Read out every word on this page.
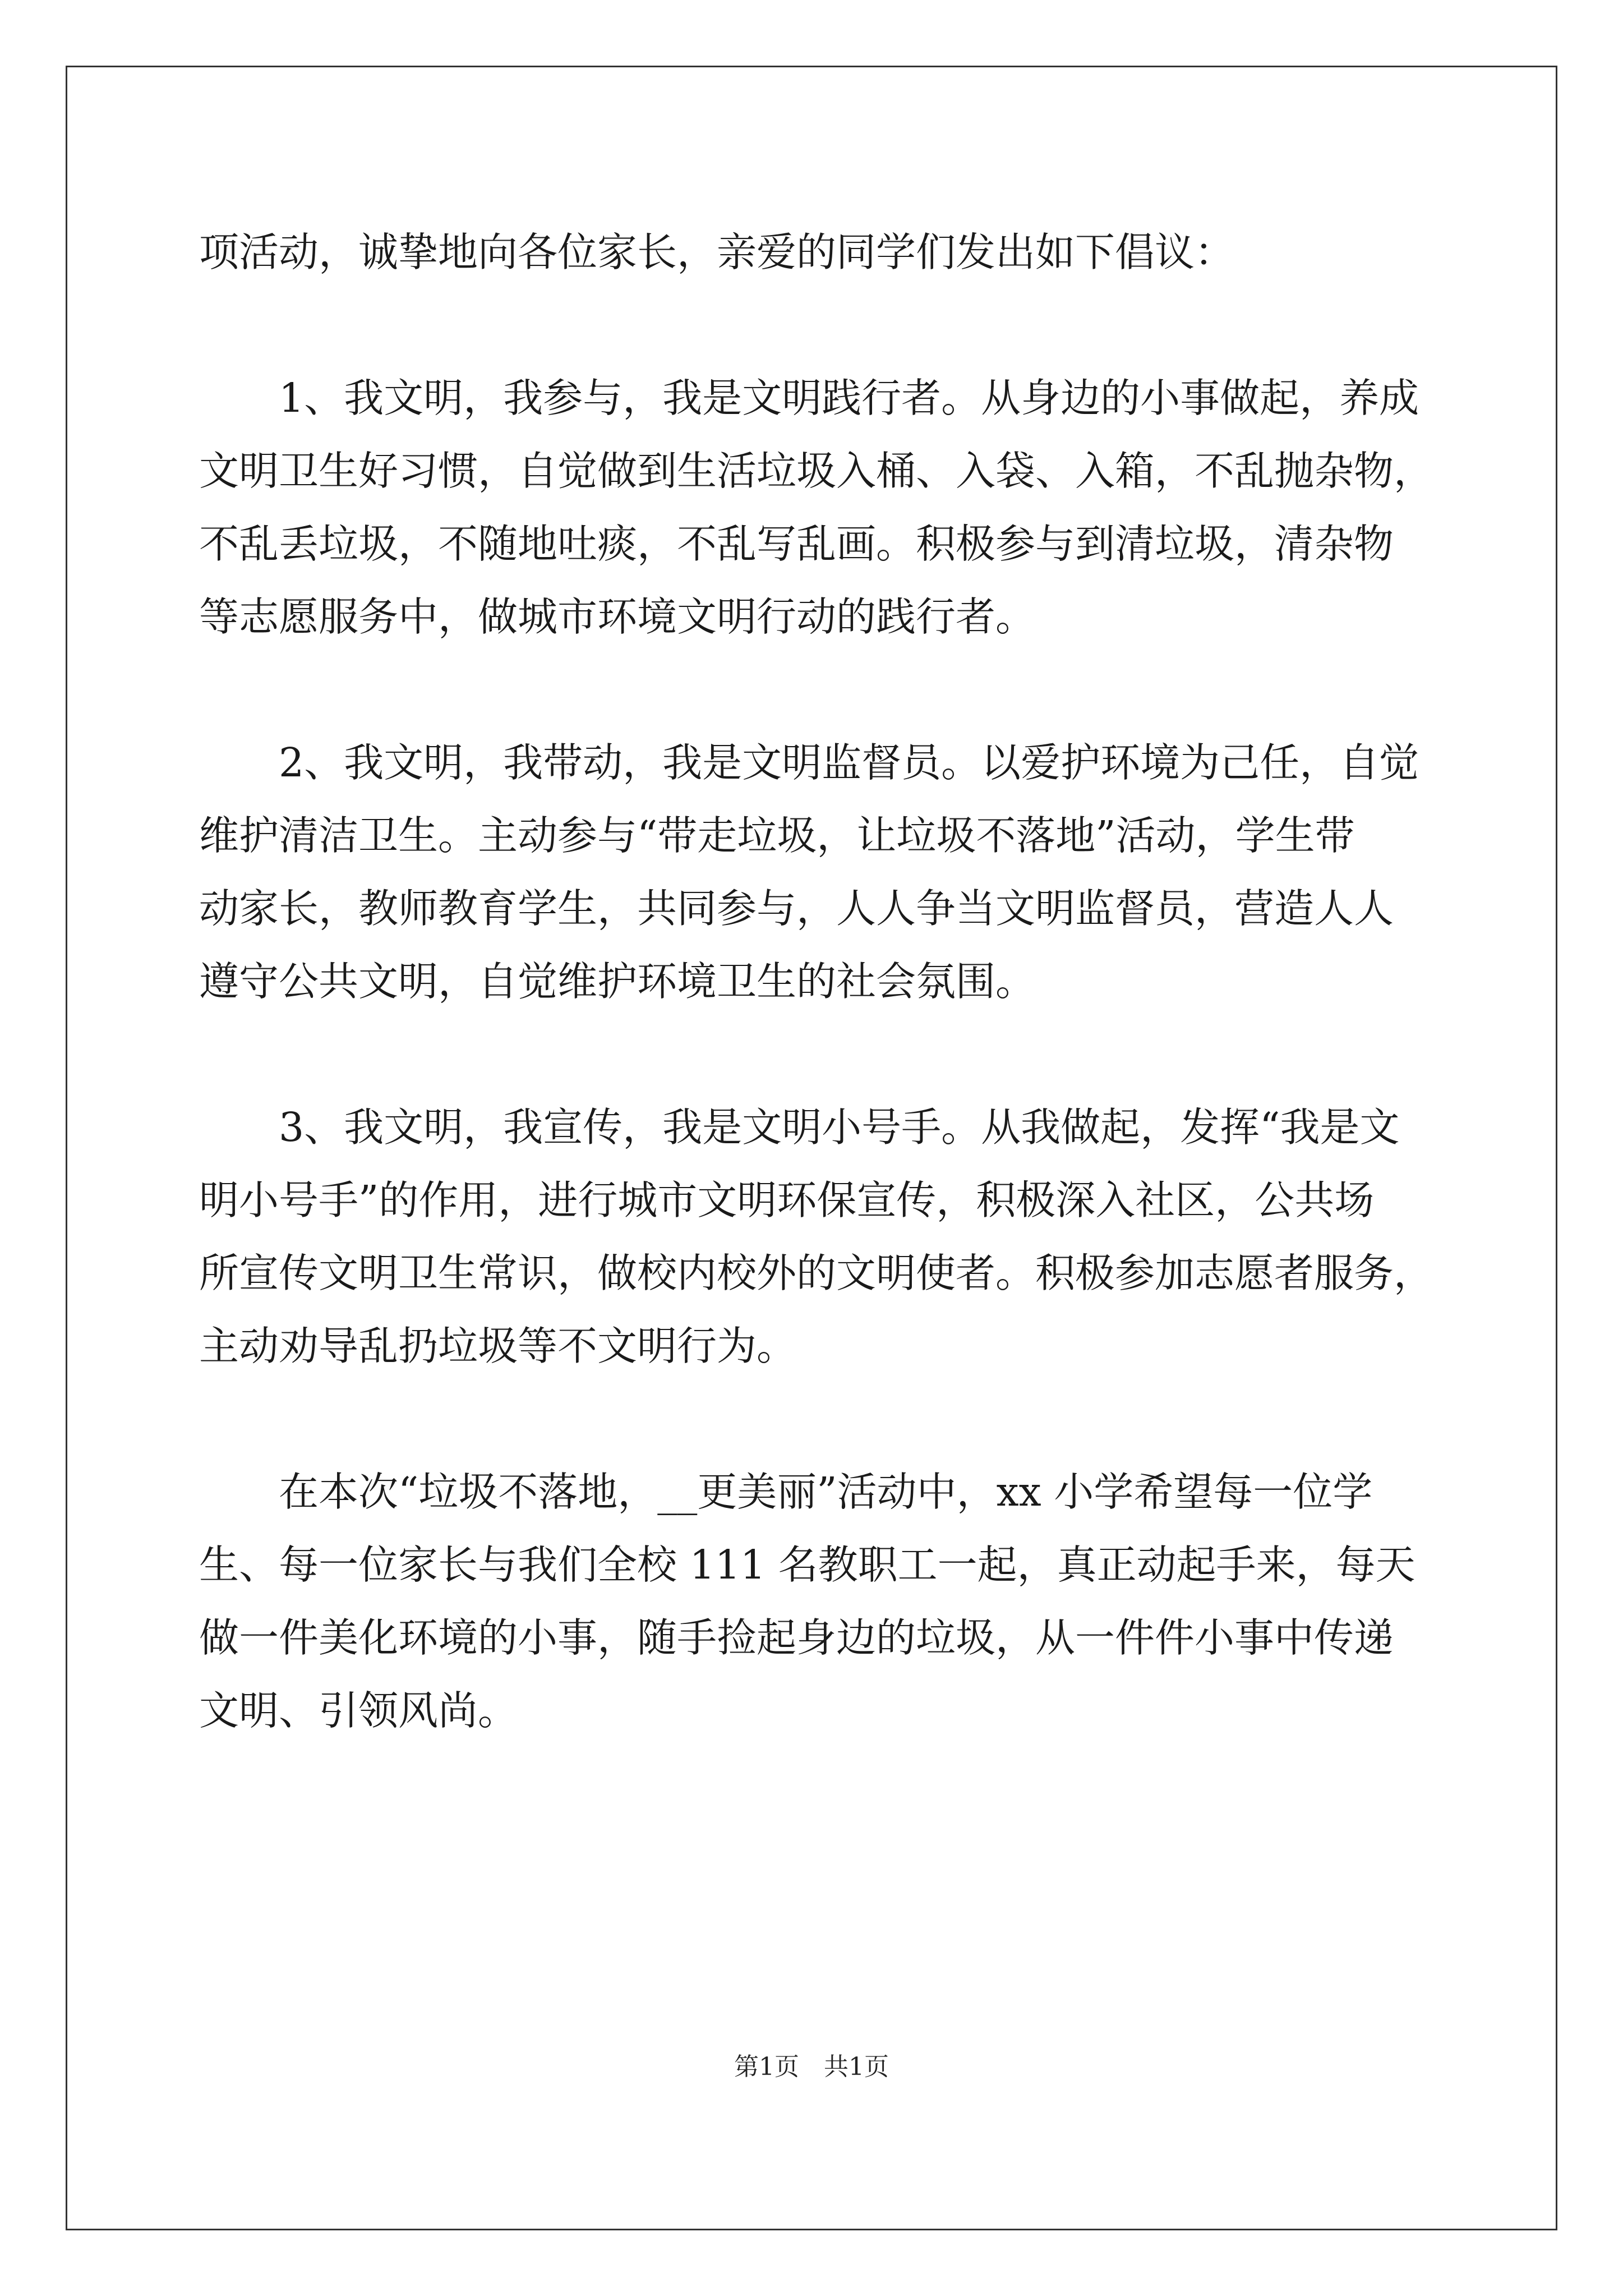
项活动，诚挚地向各位家长，亲爱的同学们发出如下倡议：
　　1、我文明，我参与，我是文明践行者。从身边的小事做起，养成
文明卫生好习惯，自觉做到生活垃圾入桶、入袋、入箱，不乱抛杂物，
不乱丢垃圾，不随地吐痰，不乱写乱画。积极参与到清垃圾，清杂物
等志愿服务中，做城市环境文明行动的践行者。
　　2、我文明，我带动，我是文明监督员。以爱护环境为己任，自觉
维护清洁卫生。主动参与“带走垃圾，让垃圾不落地”活动，学生带
动家长，教师教育学生，共同参与，人人争当文明监督员，营造人人
遵守公共文明，自觉维护环境卫生的社会氛围。
　　3、我文明，我宣传，我是文明小号手。从我做起，发挥“我是文
明小号手”的作用，进行城市文明环保宣传，积极深入社区，公共场
所宣传文明卫生常识，做校内校外的文明使者。积极参加志愿者服务，
主动劝导乱扔垃圾等不文明行为。
　　在本次“垃圾不落地，__更美丽”活动中，xx 小学希望每一位学
生、每一位家长与我们全校 111 名教职工一起，真正动起手来，每天
做一件美化环境的小事，随手捡起身边的垃圾，从一件件小事中传递
文明、引领风尚。
第1页　共1页
